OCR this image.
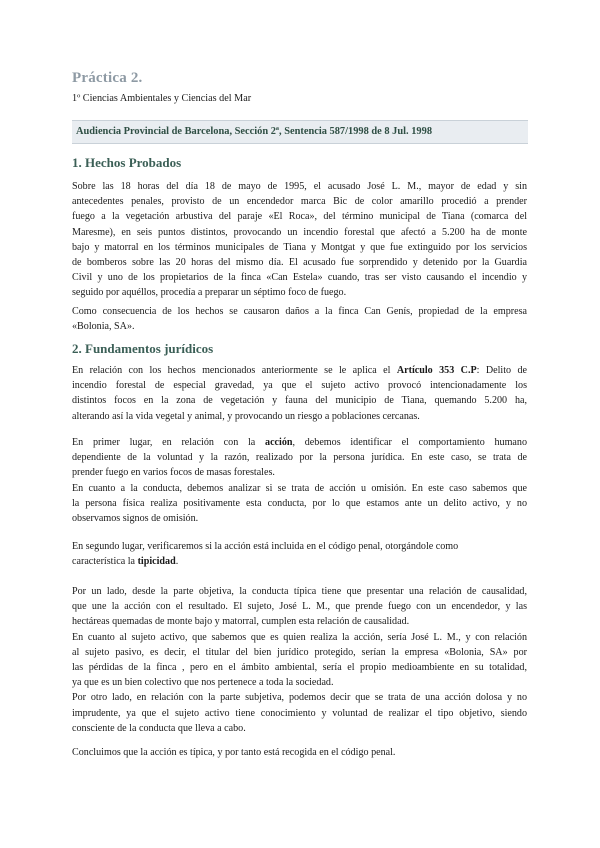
Práctica 2.
1º Ciencias Ambientales y Ciencias del Mar
Audiencia Provincial de Barcelona, Sección 2ª, Sentencia 587/1998 de 8 Jul. 1998
1. Hechos Probados
Sobre las 18 horas del día 18 de mayo de 1995, el acusado José L. M., mayor de edad y sin
antecedentes penales, provisto de un encendedor marca Bic de color amarillo procedió a prender
fuego a la vegetación arbustiva del paraje «El Roca», del término municipal de Tiana (comarca del
Maresme), en seis puntos distintos, provocando un incendio forestal que afectó a 5.200 ha de monte
bajo y matorral en los términos municipales de Tiana y Montgat y que fue extinguido por los servicios
de bomberos sobre las 20 horas del mismo día. El acusado fue sorprendido y detenido por la Guardia
Civil y uno de los propietarios de la finca «Can Estela» cuando, tras ser visto causando el incendio y
seguido por aquéllos, procedía a preparar un séptimo foco de fuego.
Como consecuencia de los hechos se causaron daños a la finca Can Genís, propiedad de la empresa
«Bolonia, SA».
2. Fundamentos jurídicos
En relación con los hechos mencionados anteriormente se le aplica el Artículo 353 C.P: Delito de
incendio forestal de especial gravedad, ya que el sujeto activo provocó intencionadamente los
distintos focos en la zona de vegetación y fauna del municipio de Tiana, quemando 5.200 ha,
alterando así la vida vegetal y animal, y provocando un riesgo a poblaciones cercanas.
En primer lugar, en relación con la acción, debemos identificar el comportamiento humano
dependiente de la voluntad y la razón, realizado por la persona jurídica. En este caso, se trata de
prender fuego en varios focos de masas forestales.
En cuanto a la conducta, debemos analizar si se trata de acción u omisión. En este caso sabemos que
la persona física realiza positivamente esta conducta, por lo que estamos ante un delito activo, y no
observamos signos de omisión.
En segundo lugar, verificaremos si la acción está incluida en el código penal, otorgándole como
característica la tipicidad.
Por un lado, desde la parte objetiva, la conducta típica tiene que presentar una relación de causalidad,
que une la acción con el resultado. El sujeto, José L. M., que prende fuego con un encendedor, y las
hectáreas quemadas de monte bajo y matorral, cumplen esta relación de causalidad.
En cuanto al sujeto activo, que sabemos que es quien realiza la acción, sería José L. M., y con relación
al sujeto pasivo, es decir, el titular del bien jurídico protegido, serían la empresa «Bolonia, SA» por
las pérdidas de la finca , pero en el ámbito ambiental, sería el propio medioambiente en su totalidad,
ya que es un bien colectivo que nos pertenece a toda la sociedad.
Por otro lado, en relación con la parte subjetiva, podemos decir que se trata de una acción dolosa y no
imprudente, ya que el sujeto activo tiene conocimiento y voluntad de realizar el tipo objetivo, siendo
consciente de la conducta que lleva a cabo.
Concluimos que la acción es típica, y por tanto está recogida en el código penal.
